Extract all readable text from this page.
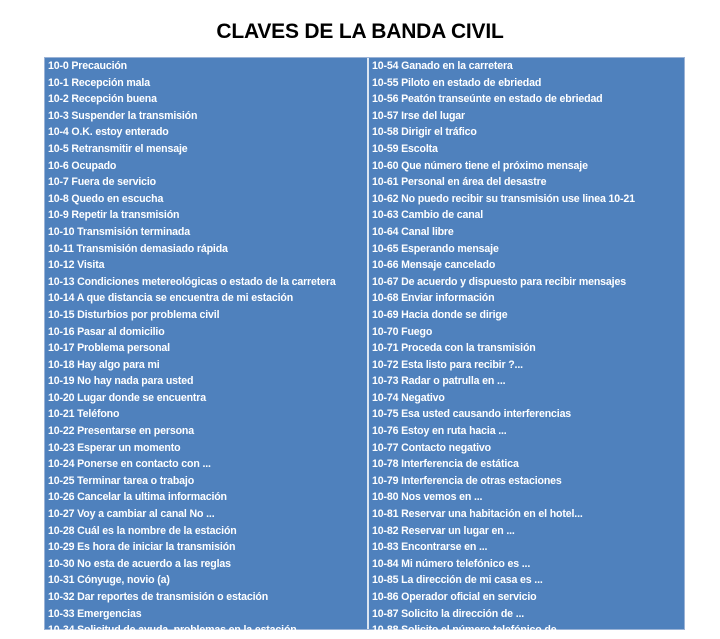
CLAVES DE LA BANDA CIVIL
10-0 Precaución
10-1 Recepción mala
10-2 Recepción buena
10-3 Suspender la transmisión
10-4 O.K. estoy enterado
10-5 Retransmitir el mensaje
10-6 Ocupado
10-7 Fuera de servicio
10-8 Quedo en escucha
10-9 Repetir la transmisión
10-10 Transmisión terminada
10-11 Transmisión demasiado rápida
10-12 Visita
10-13 Condiciones metereológicas o estado de la carretera
10-14 A que distancia se encuentra de mi estación
10-15 Disturbios por problema civil
10-16 Pasar al domicilio
10-17 Problema personal
10-18 Hay algo para mi
10-19 No hay nada para usted
10-20 Lugar donde se encuentra
10-21 Teléfono
10-22 Presentarse en persona
10-23 Esperar un momento
10-24 Ponerse en contacto con ...
10-25 Terminar tarea o trabajo
10-26 Cancelar la ultima información
10-27 Voy a cambiar al canal No ...
10-28 Cuál es la nombre de la estación
10-29 Es hora de iniciar la transmisión
10-30 No esta de acuerdo a las reglas
10-31 Cónyuge, novio (a)
10-32 Dar reportes de transmisión o estación
10-33 Emergencias
10-34 Solicitud de ayuda, problemas en la estación
10-54 Ganado en la carretera
10-55 Piloto en estado de ebriedad
10-56 Peatón transeúnte en estado de ebriedad
10-57 Irse del lugar
10-58 Dirigir el tráfico
10-59 Escolta
10-60 Que número tiene el próximo mensaje
10-61 Personal en área del desastre
10-62 No puedo recibir su transmisión use linea 10-21
10-63 Cambio de canal
10-64 Canal libre
10-65 Esperando mensaje
10-66 Mensaje cancelado
10-67 De acuerdo y dispuesto para recibir mensajes
10-68 Enviar información
10-69 Hacia donde se dirige
10-70 Fuego
10-71 Proceda con la transmisión
10-72 Esta listo para recibir ?...
10-73 Radar o patrulla en ...
10-74 Negativo
10-75 Esa usted causando interferencias
10-76 Estoy en ruta hacia ...
10-77 Contacto negativo
10-78 Interferencia de estática
10-79 Interferencia de otras estaciones
10-80 Nos vemos en ...
10-81 Reservar una habitación en el hotel...
10-82 Reservar un lugar en ...
10-83 Encontrarse en ...
10-84 Mi número telefónico es ...
10-85 La dirección de mi casa es ...
10-86 Operador oficial en servicio
10-87 Solicito la dirección de ...
10-88 Solicito el número telefónico de ...
